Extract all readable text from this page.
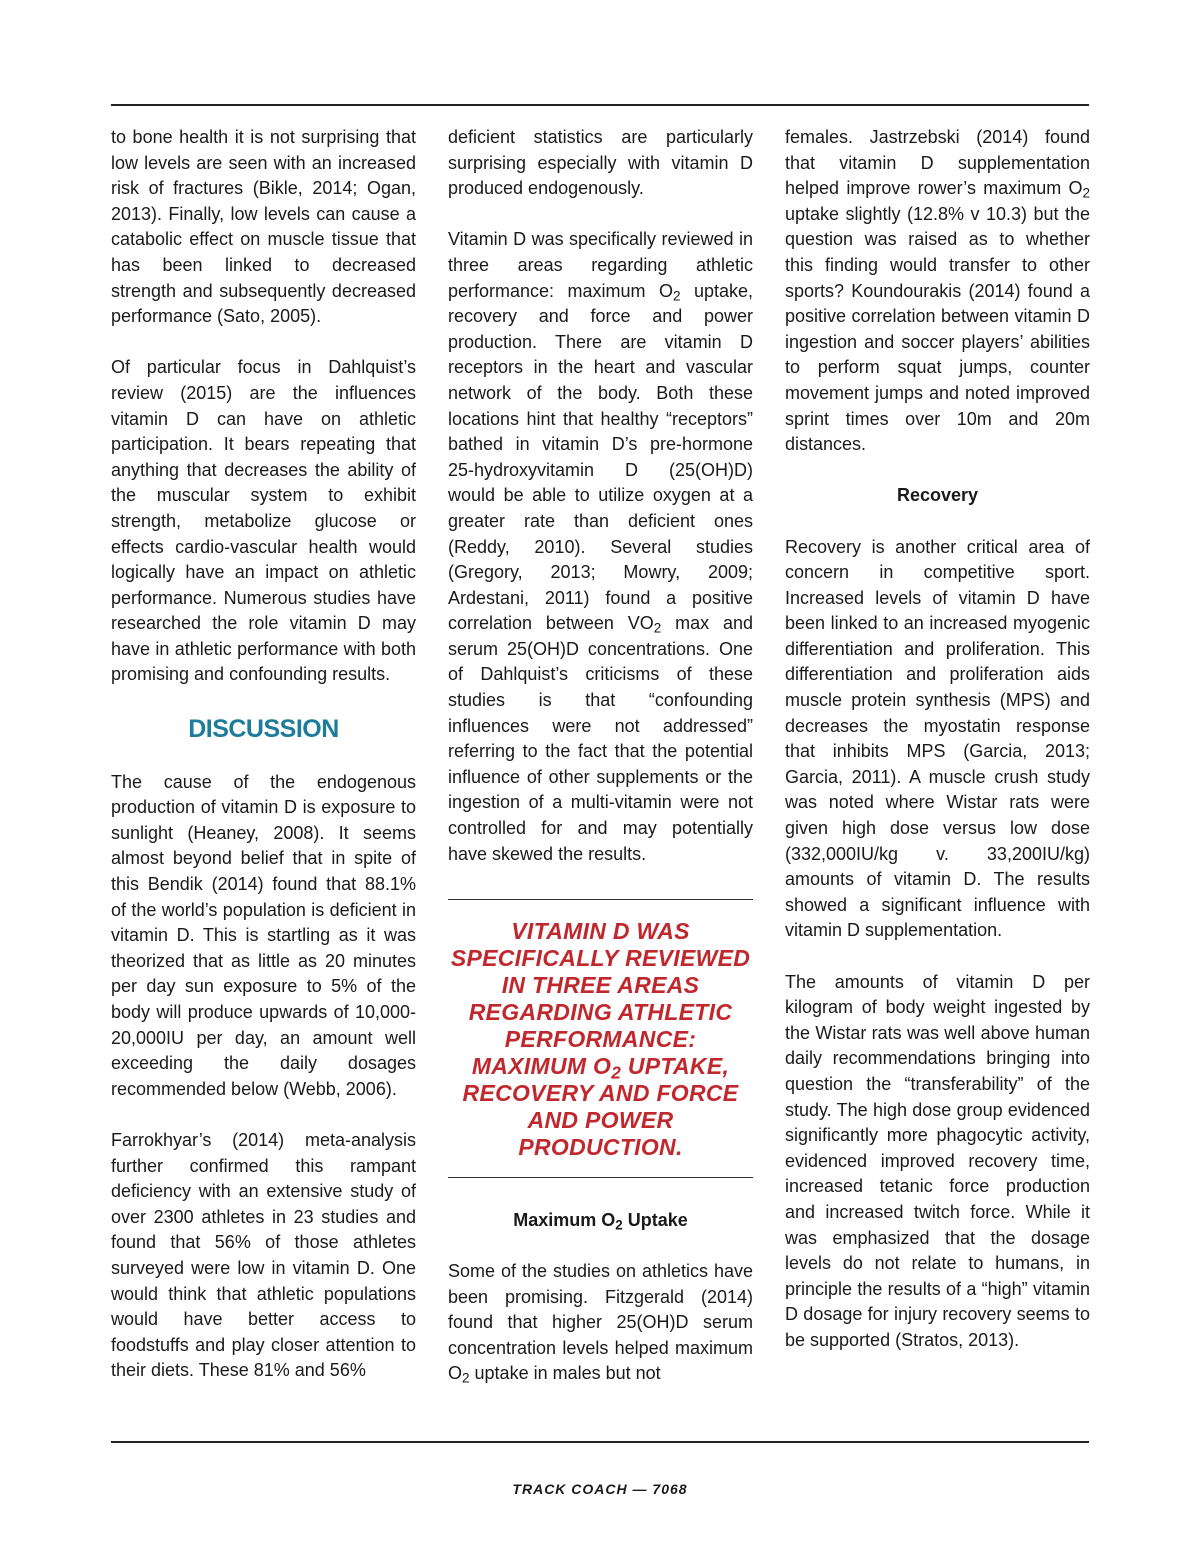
to bone health it is not surprising that low levels are seen with an increased risk of fractures (Bikle, 2014; Ogan, 2013). Finally, low levels can cause a catabolic effect on muscle tissue that has been linked to decreased strength and subsequently decreased performance (Sato, 2005).

Of particular focus in Dahlquist’s review (2015) are the influences vitamin D can have on athletic participation. It bears repeating that anything that decreases the ability of the muscular system to exhibit strength, metabolize glucose or effects cardio-vascular health would logically have an impact on athletic performance. Numerous studies have researched the role vitamin D may have in athletic performance with both promising and confounding results.

DISCUSSION

The cause of the endogenous production of vitamin D is exposure to sunlight (Heaney, 2008). It seems almost beyond belief that in spite of this Bendik (2014) found that 88.1% of the world’s population is deficient in vitamin D. This is startling as it was theorized that as little as 20 minutes per day sun exposure to 5% of the body will produce upwards of 10,000-20,000IU per day, an amount well exceeding the daily dosages recommended below (Webb, 2006).

Farrokhyar’s (2014) meta-analysis further confirmed this rampant deficiency with an extensive study of over 2300 athletes in 23 studies and found that 56% of those athletes surveyed were low in vitamin D. One would think that athletic populations would have better access to foodstuffs and play closer attention to their diets. These 81% and 56%

deficient statistics are particularly surprising especially with vitamin D produced endogenously.

Vitamin D was specifically reviewed in three areas regarding athletic performance: maximum $O_2$ uptake, recovery and force and power production. There are vitamin D receptors in the heart and vascular network of the body. Both these locations hint that healthy “receptors” bathed in vitamin D’s pre-hormone 25-hydroxyvitamin D (25(OH)D) would be able to utilize oxygen at a greater rate than deficient ones (Reddy, 2010). Several studies (Gregory, 2013; Mowry, 2009; Ardestani, 2011) found a positive correlation between $VO_2$ max and serum 25(OH)D concentrations. One of Dahlquist’s criticisms of these studies is that “confounding influences were not addressed” referring to the fact that the potential influence of other supplements or the ingestion of a multi-vitamin were not controlled for and may potentially have skewed the results.

VITAMIN D WAS SPECIFICALLY REVIEWED IN THREE AREAS REGARDING ATHLETIC PERFORMANCE: MAXIMUM $O_2$ UPTAKE, RECOVERY AND FORCE AND POWER PRODUCTION.
Maximum $O_2$ Uptake

Some of the studies on athletics have been promising. Fitzgerald (2014) found that higher 25(OH)D serum concentration levels helped maximum $O_2$ uptake in males but not

females. Jastrzebski (2014) found that vitamin D supplementation helped improve rower’s maximum $O_2$ uptake slightly (12.8% v 10.3) but the question was raised as to whether this finding would transfer to other sports? Koundourakis (2014) found a positive correlation between vitamin D ingestion and soccer players’ abilities to perform squat jumps, counter movement jumps and noted improved sprint times over 10m and 20m distances.

Recovery

Recovery is another critical area of concern in competitive sport. Increased levels of vitamin D have been linked to an increased myogenic differentiation and proliferation. This differentiation and proliferation aids muscle protein synthesis (MPS) and decreases the myostatin response that inhibits MPS (Garcia, 2013; Garcia, 2011). A muscle crush study was noted where Wistar rats were given high dose versus low dose (332,000IU/kg v. 33,200IU/kg) amounts of vitamin D. The results showed a significant influence with vitamin D supplementation.

The amounts of vitamin D per kilogram of body weight ingested by the Wistar rats was well above human daily recommendations bringing into question the “transferability” of the study. The high dose group evidenced significantly more phagocytic activity, evidenced improved recovery time, increased tetanic force production and increased twitch force. While it was emphasized that the dosage levels do not relate to humans, in principle the results of a “high” vitamin D dosage for injury recovery seems to be supported (Stratos, 2013).

TRACK COACH — 7068
